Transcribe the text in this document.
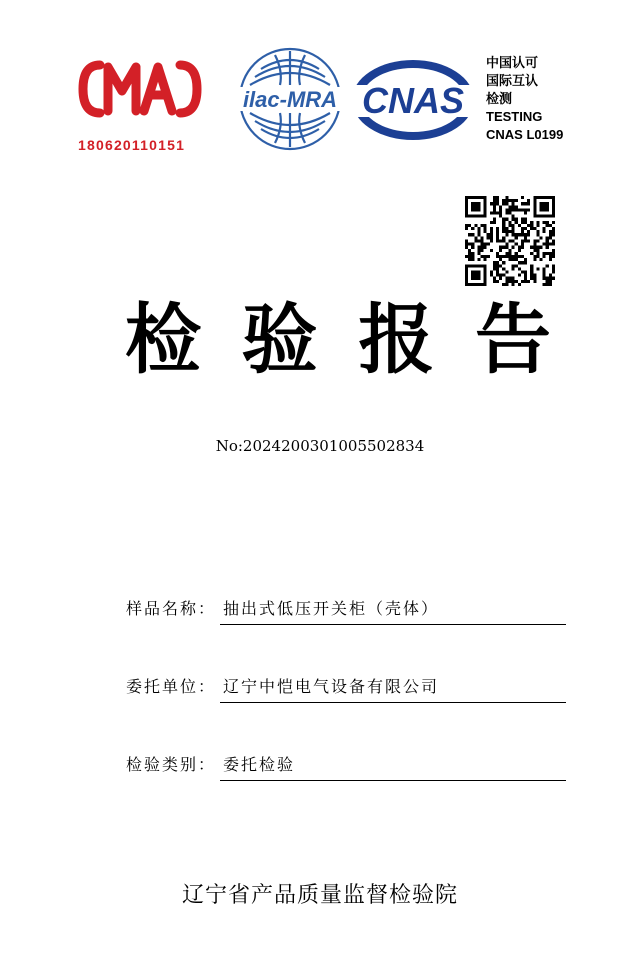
180620110151
ilac-MRA CNAS
中国认可
国际互认
检测
TESTING
CNAS L0199
检 验 报 告
No:2024200301005502834
样品名称： 抽出式低压开关柜（壳体）
委托单位： 辽宁中恺电气设备有限公司
检验类别： 委托检验
辽宁省产品质量监督检验院
